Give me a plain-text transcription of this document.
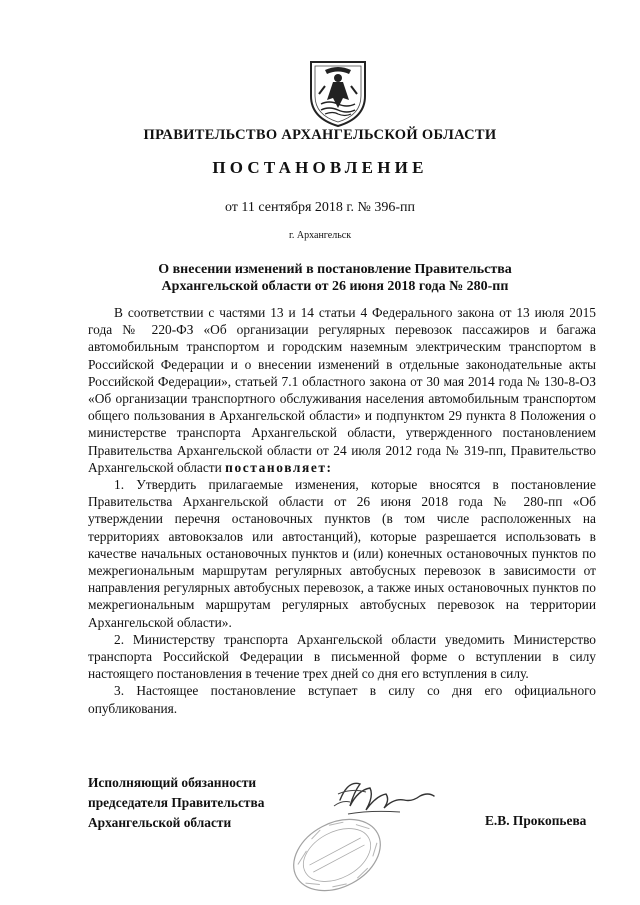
ПРАВИТЕЛЬСТВО АРХАНГЕЛЬСКОЙ ОБЛАСТИ
ПОСТАНОВЛЕНИЕ
от 11 сентября 2018 г. № 396-пп
г. Архангельск
О внесении изменений в постановление Правительства
Архангельской области от 26 июня 2018 года № 280-пп

В соответствии с частями 13 и 14 статьи 4 Федерального закона от 13 июля 2015 года № 220-ФЗ «Об организации регулярных перевозок пассажиров и багажа автомобильным транспортом и городским наземным электрическим транспортом в Российской Федерации и о внесении изменений в отдельные законодательные акты Российской Федерации», статьей 7.1 областного закона от 30 мая 2014 года № 130-8-ОЗ «Об организации транспортного обслуживания населения автомобильным транспортом общего пользования в Архангельской области» и подпунктом 29 пункта 8 Положения о министерстве транспорта Архангельской области, утвержденного постановлением Правительства Архангельской области от 24 июля 2012 года № 319-пп, Правительство Архангельской области постановляет:

1. Утвердить прилагаемые изменения, которые вносятся в постановление Правительства Архангельской области от 26 июня 2018 года № 280-пп «Об утверждении перечня остановочных пунктов (в том числе расположенных на территориях автовокзалов или автостанций), которые разрешается использовать в качестве начальных остановочных пунктов и (или) конечных остановочных пунктов по межрегиональным маршрутам регулярных автобусных перевозок в зависимости от направления регулярных автобусных перевозок, а также иных остановочных пунктов по межрегиональным маршрутам регулярных автобусных перевозок на территории Архангельской области».

2. Министерству транспорта Архангельской области уведомить Министерство транспорта Российской Федерации в письменной форме о вступлении в силу настоящего постановления в течение трех дней со дня его вступления в силу.

3. Настоящее постановление вступает в силу со дня его официального опубликования.

Исполняющий обязанности
председателя Правительства
Архангельской области	Е.В. Прокопьева
